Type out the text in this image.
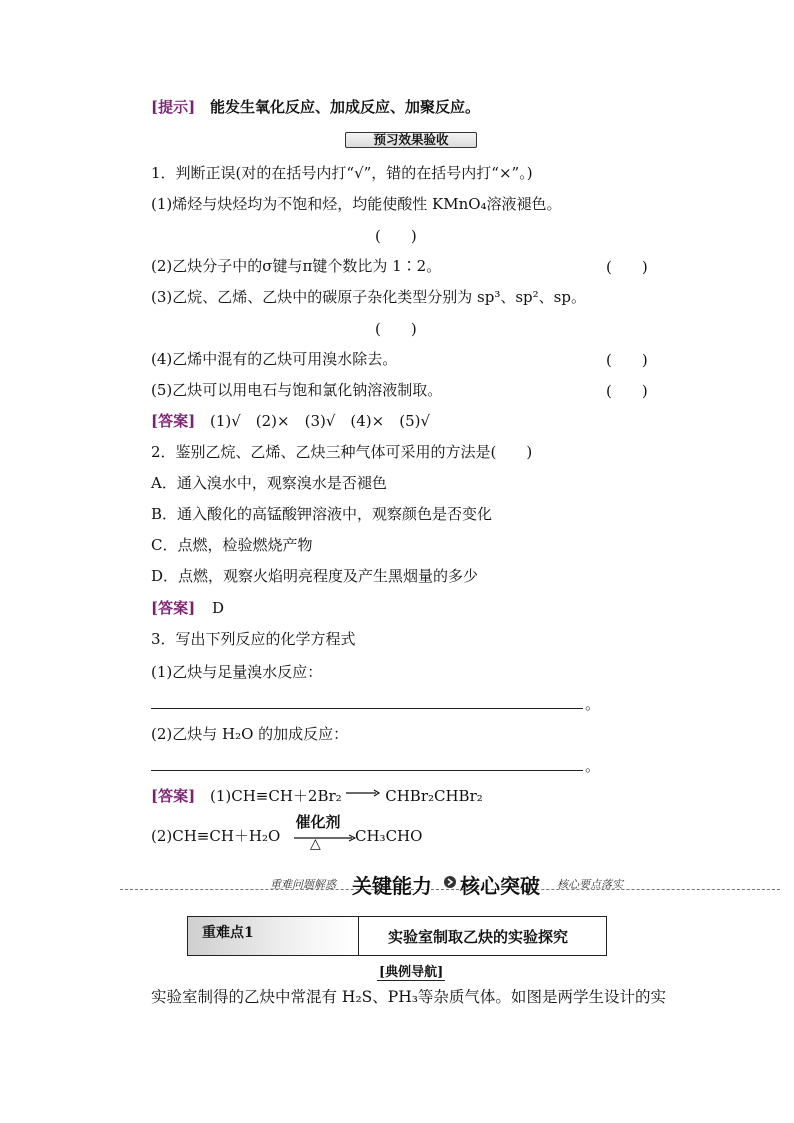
[提示] 能发生氧化反应、加成反应、加聚反应。
预习效果验收
1．判断正误(对的在括号内打“√”，错的在括号内打“×”。)
(1)烯烃与炔烃均为不饱和烃，均能使酸性 KMnO₄溶液褪色。
(　　)
(2)乙炔分子中的σ键与π键个数比为 1∶2。	(　　)
(3)乙烷、乙烯、乙炔中的碳原子杂化类型分别为 sp³、sp²、sp。
(　　)
(4)乙烯中混有的乙炔可用溴水除去。	(　　)
(5)乙炔可以用电石与饱和氯化钠溶液制取。	(　　)
[答案] (1)√　(2)×　(3)√　(4)×　(5)√
2．鉴别乙烷、乙烯、乙炔三种气体可采用的方法是(　　)
A．通入溴水中，观察溴水是否褪色
B．通入酸化的高锰酸钾溶液中，观察颜色是否变化
C．点燃，检验燃烧产物
D．点燃，观察火焰明亮程度及产生黑烟量的多少
[答案] D
3．写出下列反应的化学方程式
(1)乙炔与足量溴水反应：
。
(2)乙炔与 H₂O 的加成反应：
。
[答案] (1)CH≡CH＋2Br₂	CHBr₂CHBr₂
(2)CH≡CH＋H₂O
催化剂
△ CH₃CHO
重难问题解惑 关键能力 核心突破 核心要点落实
重难点1	实验室制取乙炔的实验探究
[典例导航]
实验室制得的乙炔中常混有 H₂S、PH₃等杂质气体。如图是两学生设计的实
